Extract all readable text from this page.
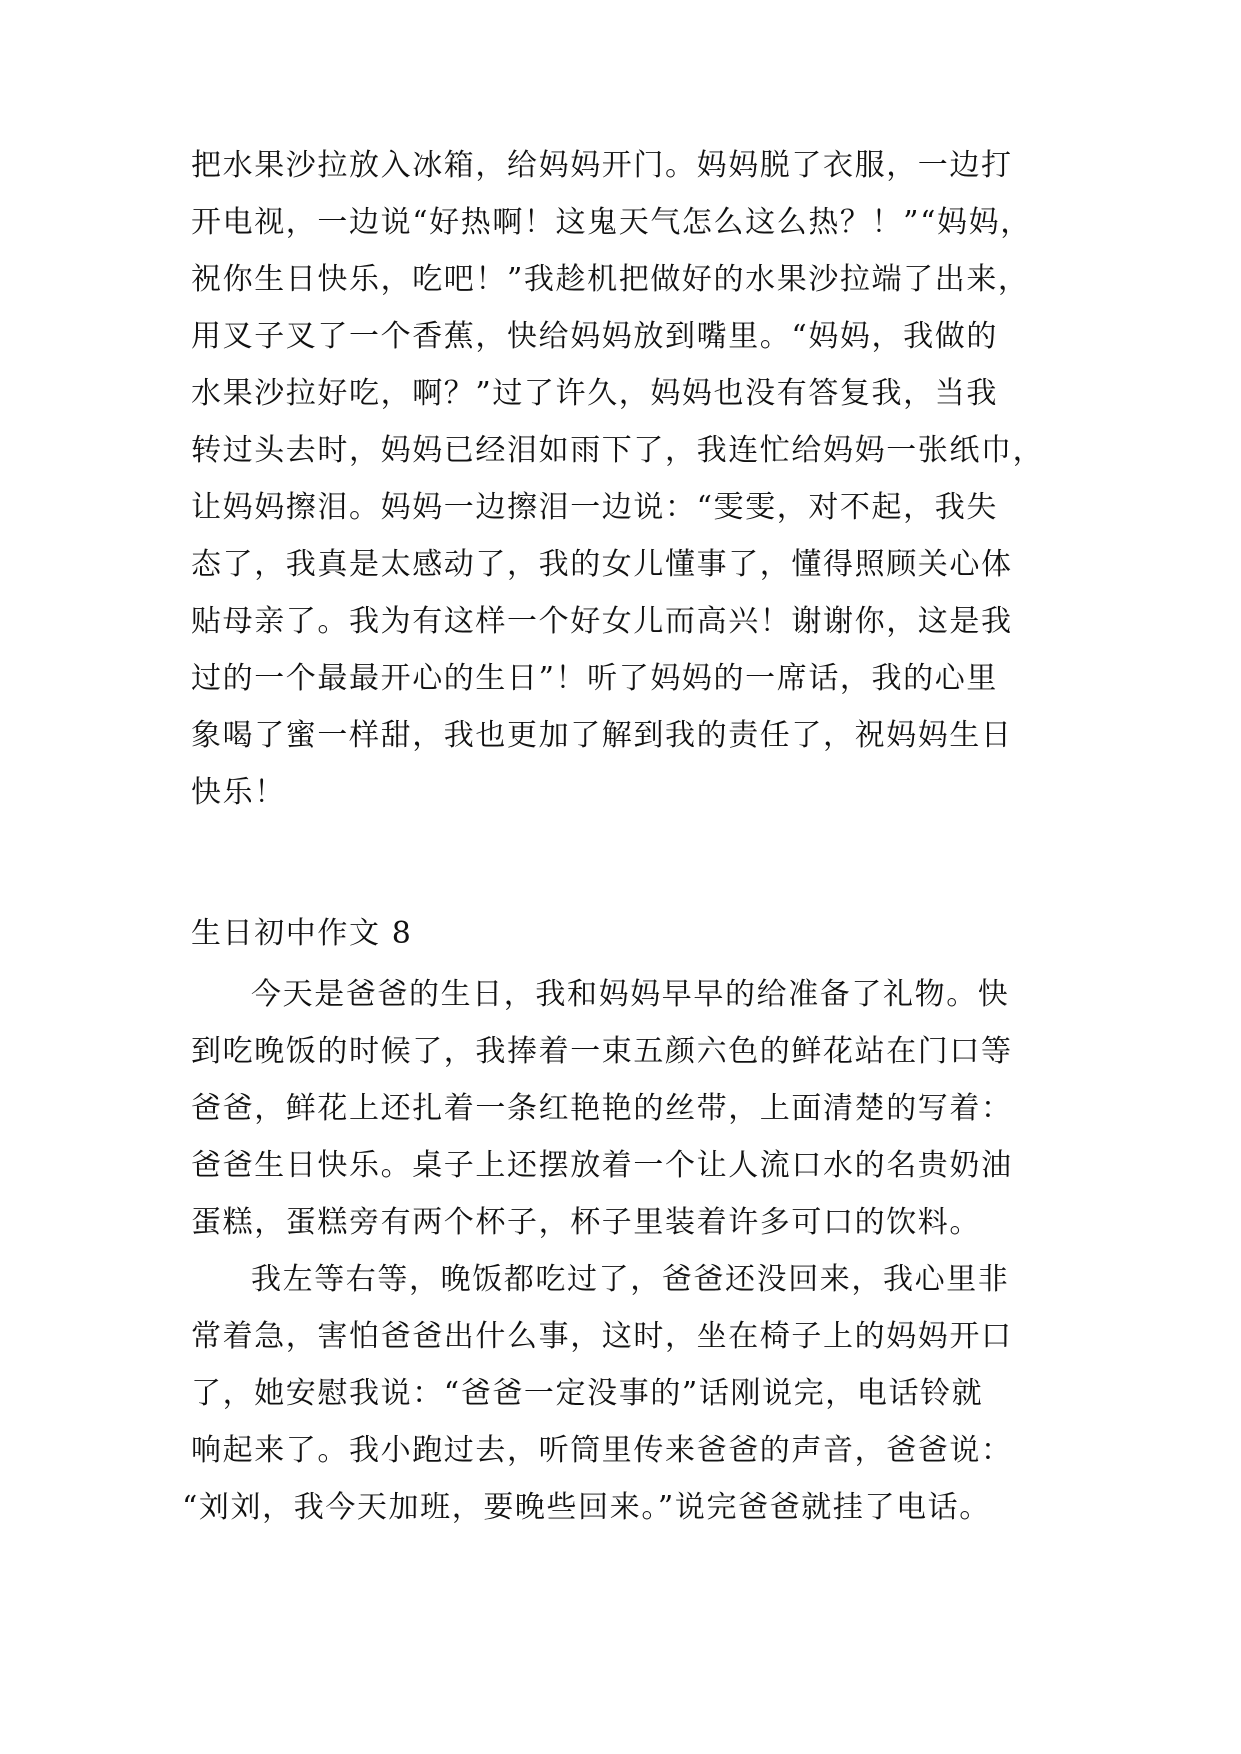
把水果沙拉放入冰箱，给妈妈开门。妈妈脱了衣服，一边打
开电视，一边说“好热啊！这鬼天气怎么这么热？！”“妈妈，
祝你生日快乐，吃吧！”我趁机把做好的水果沙拉端了出来，
用叉子叉了一个香蕉，快给妈妈放到嘴里。“妈妈，我做的
水果沙拉好吃，啊？”过了许久，妈妈也没有答复我，当我
转过头去时，妈妈已经泪如雨下了，我连忙给妈妈一张纸巾，
让妈妈擦泪。妈妈一边擦泪一边说：“雯雯，对不起，我失
态了，我真是太感动了，我的女儿懂事了，懂得照顾关心体
贴母亲了。我为有这样一个好女儿而高兴！谢谢你，这是我
过的一个最最开心的生日”！听了妈妈的一席话，我的心里
象喝了蜜一样甜，我也更加了解到我的责任了，祝妈妈生日
快乐！
生日初中作文 8
今天是爸爸的生日，我和妈妈早早的给准备了礼物。快
到吃晚饭的时候了，我捧着一束五颜六色的鲜花站在门口等
爸爸，鲜花上还扎着一条红艳艳的丝带，上面清楚的写着：
爸爸生日快乐。桌子上还摆放着一个让人流口水的名贵奶油
蛋糕，蛋糕旁有两个杯子，杯子里装着许多可口的饮料。
我左等右等，晚饭都吃过了，爸爸还没回来，我心里非
常着急，害怕爸爸出什么事，这时，坐在椅子上的妈妈开口
了，她安慰我说：“爸爸一定没事的”话刚说完，电话铃就
响起来了。我小跑过去，听筒里传来爸爸的声音，爸爸说：
“刘刘，我今天加班，要晚些回来。”说完爸爸就挂了电话。
